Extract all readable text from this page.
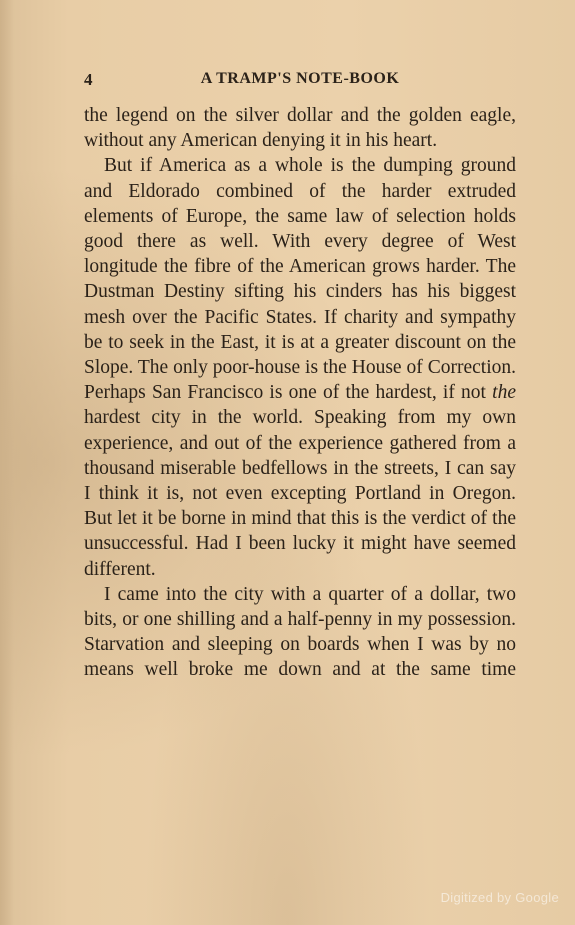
4	A TRAMP'S NOTE-BOOK

the legend on the silver dollar and the golden eagle, without any American denying it in his heart.

But if America as a whole is the dumping ground and Eldorado combined of the harder extruded elements of Europe, the same law of selection holds good there as well. With every degree of West longitude the fibre of the American grows harder. The Dustman Destiny sifting his cinders has his biggest mesh over the Pacific States. If charity and sympathy be to seek in the East, it is at a greater discount on the Slope. The only poor-house is the House of Correction. Perhaps San Francisco is one of the hardest, if not the hardest city in the world. Speaking from my own experience, and out of the experience gathered from a thousand miserable bedfellows in the streets, I can say I think it is, not even excepting Portland in Oregon. But let it be borne in mind that this is the verdict of the unsuccessful. Had I been lucky it might have seemed different.

I came into the city with a quarter of a dollar, two bits, or one shilling and a half-penny in my possession. Starvation and sleeping on boards when I was by no means well broke me down and at the same time

Digitized by Google
